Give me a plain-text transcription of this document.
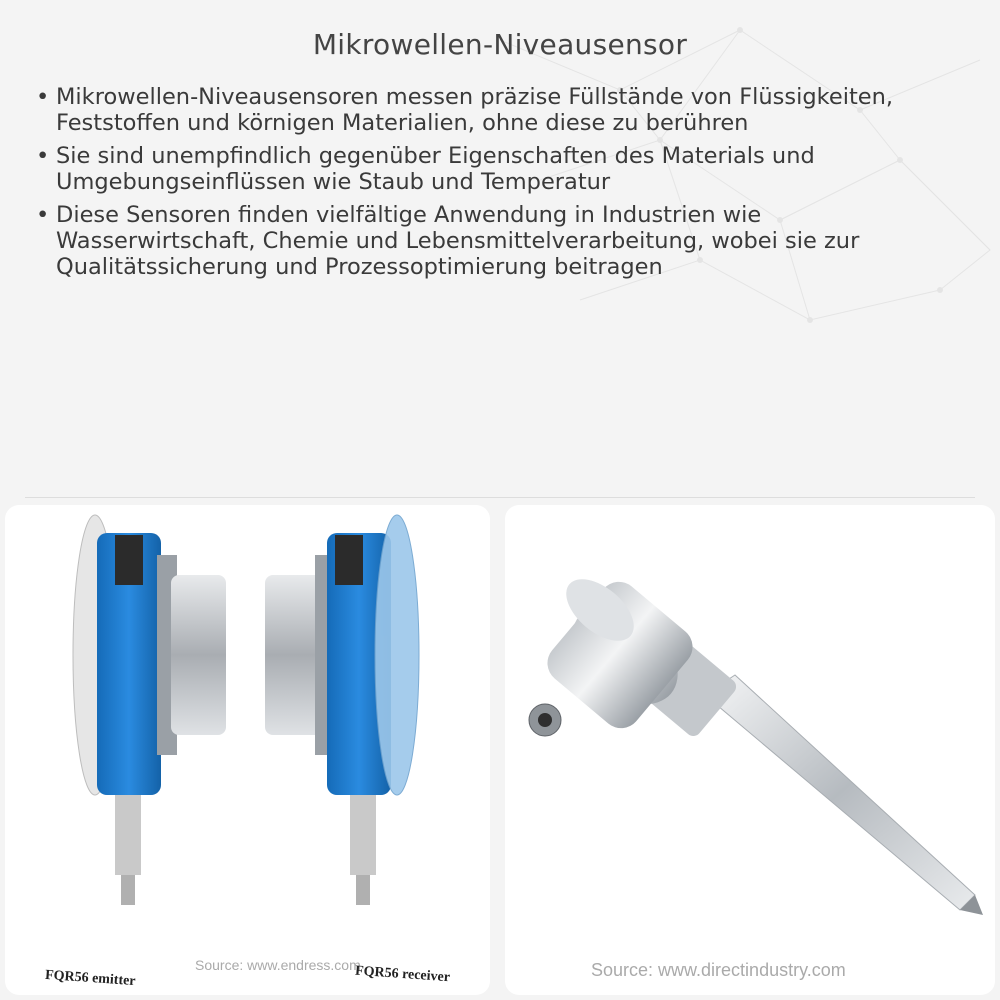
Mikrowellen-Niveausensor
• Mikrowellen-Niveausensoren messen präzise Füllstände von Flüssigkeiten, Feststoffen und körnigen Materialien, ohne diese zu berühren
• Sie sind unempfindlich gegenüber Eigenschaften des Materials und Umgebungseinflüssen wie Staub und Temperatur
• Diese Sensoren finden vielfältige Anwendung in Industrien wie Wasserwirtschaft, Chemie und Lebensmittelverarbeitung, wobei sie zur Qualitätssicherung und Prozessoptimierung beitragen
Source: www.endress.com
FQR56 emitter	FQR56 receiver	Source: www.directindustry.com
